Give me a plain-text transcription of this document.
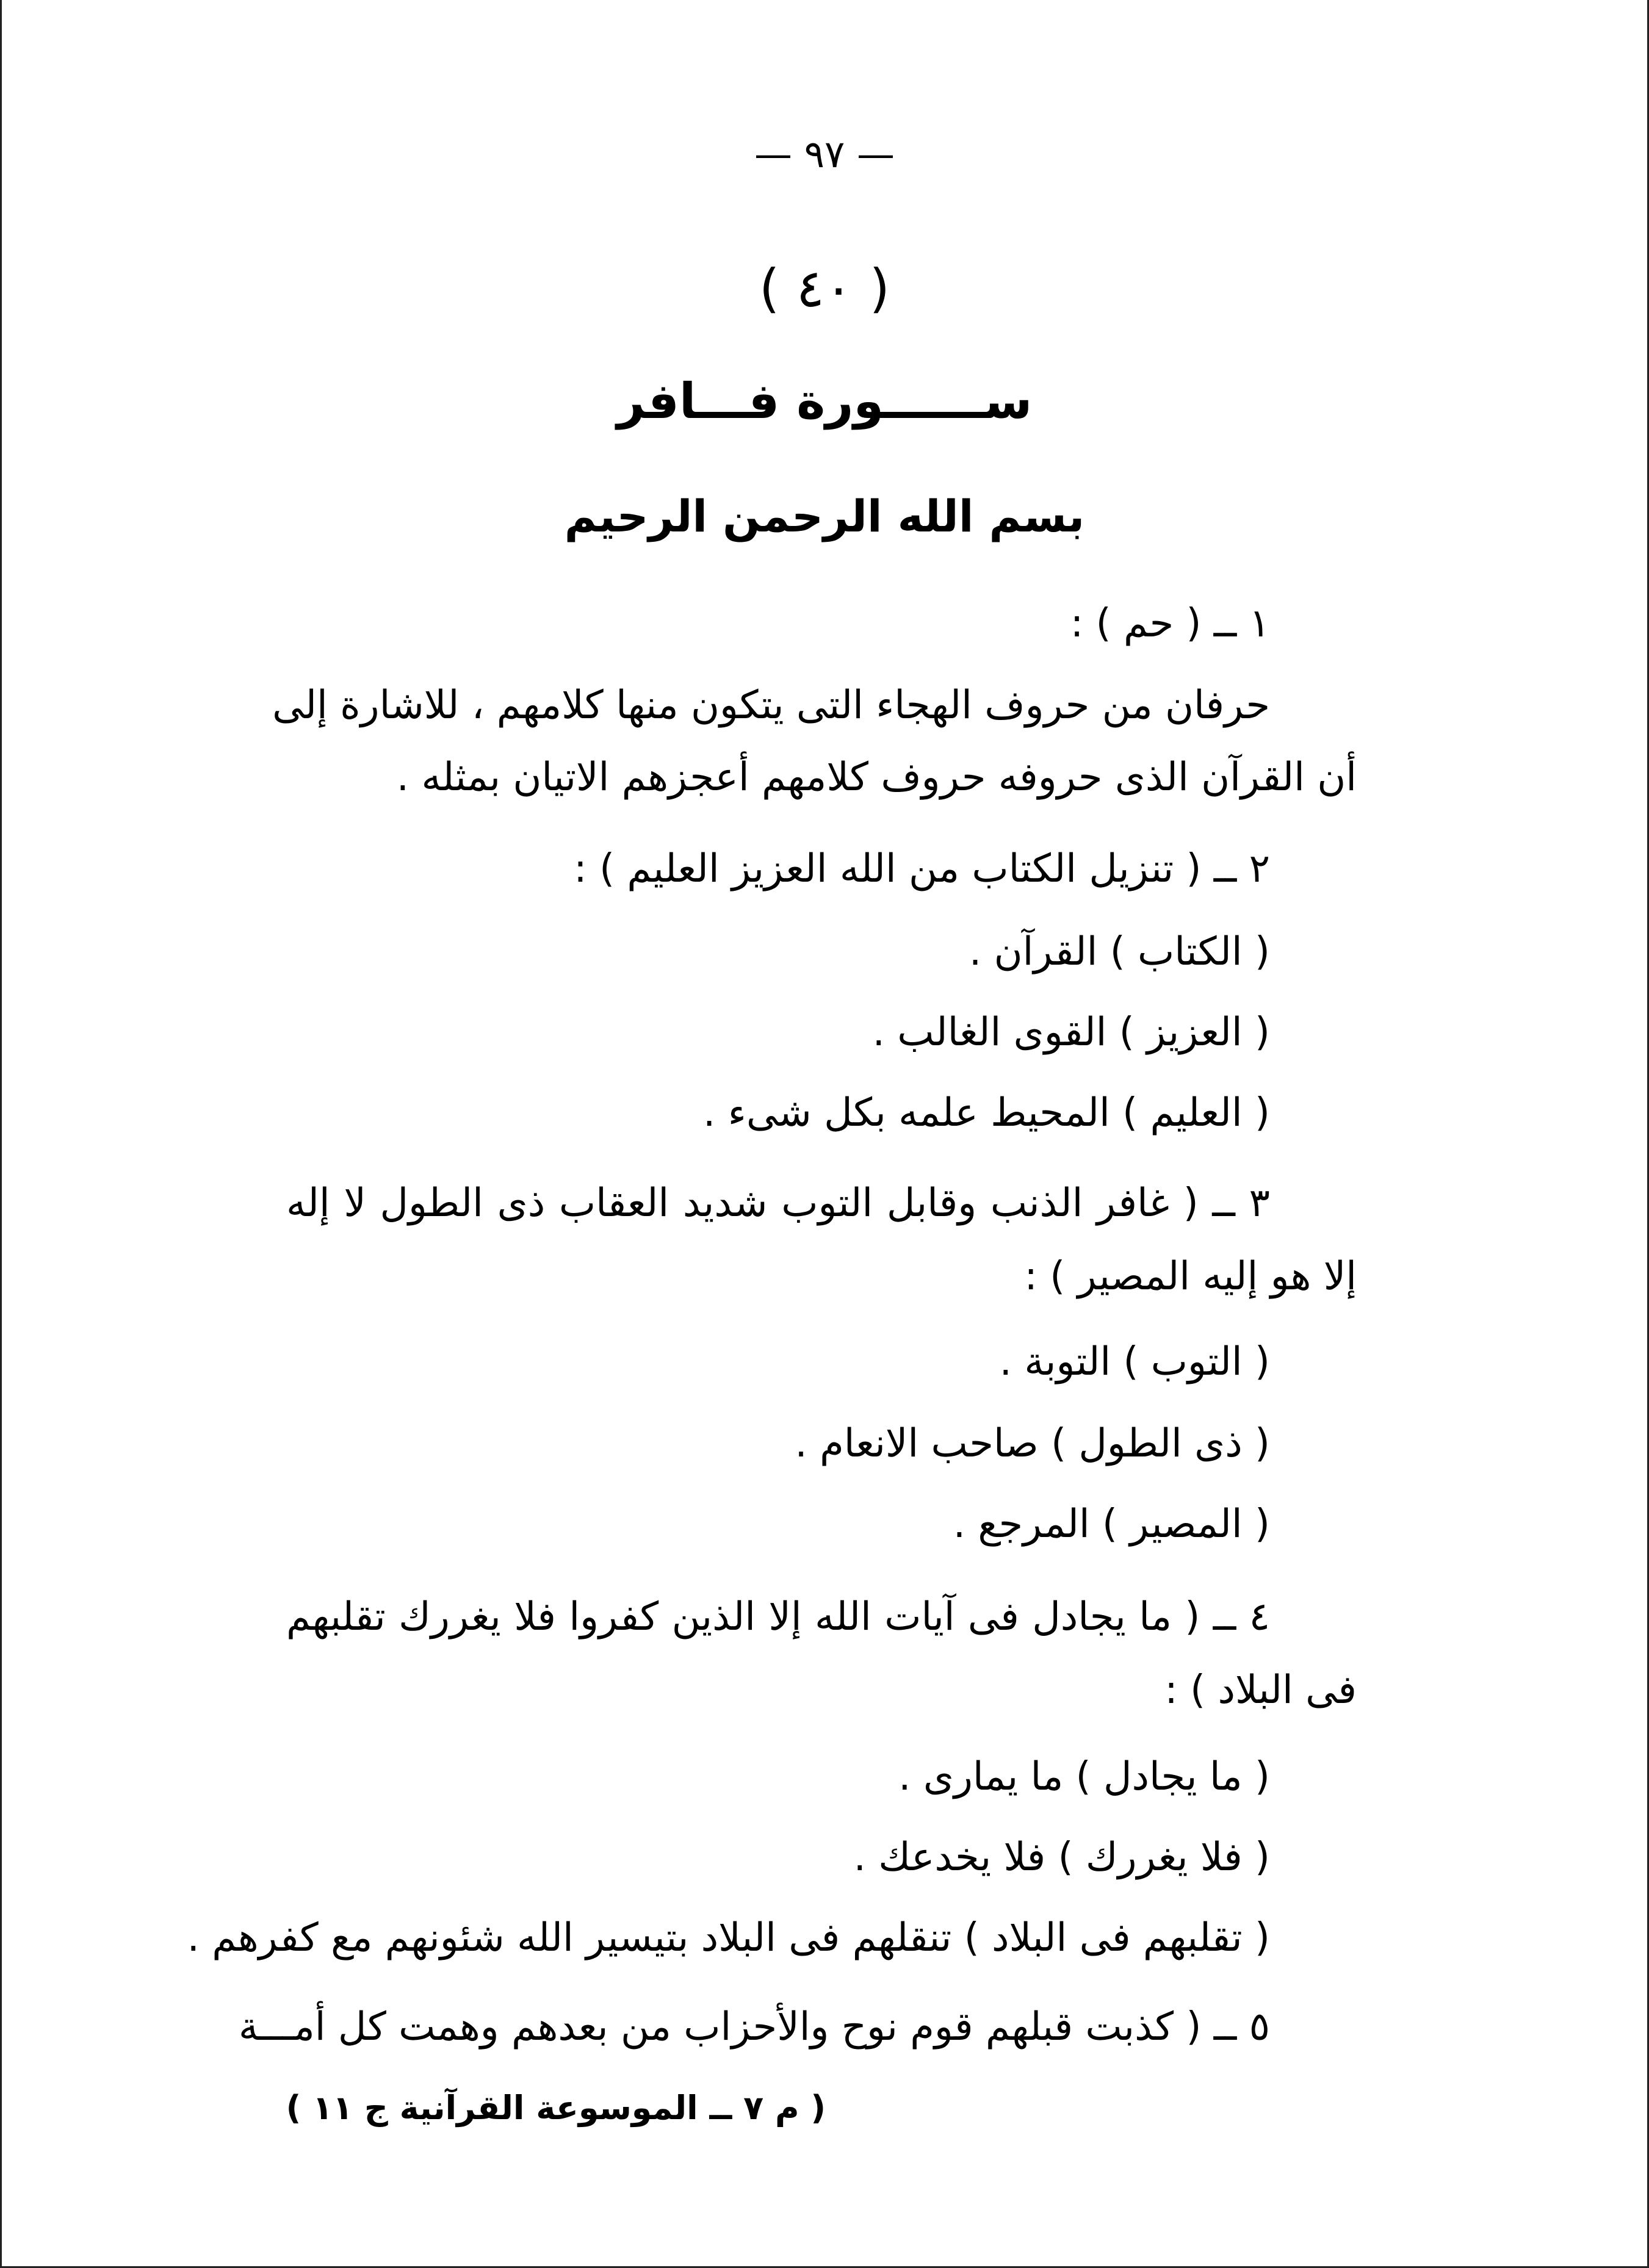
— ٩٧ —

( ٤٠ )

ســــــورة فـــافر

بسم الله الرحمن الرحيم

١ ــ ( حم ) :

حرفان من حروف الهجاء التى يتكون منها كلامهم ، للاشارة إلى

أن القرآن الذى حروفه حروف كلامهم أعجزهم الاتيان بمثله .

٢ ــ ( تنزيل الكتاب من الله العزيز العليم ) :

( الكتاب ) القرآن .

( العزيز ) القوى الغالب .

( العليم ) المحيط علمه بكل شىء .

٣ ــ ( غافر الذنب وقابل التوب شديد العقاب ذى الطول لا إله

إلا هو إليه المصير ) :

( التوب ) التوبة .

( ذى الطول ) صاحب الانعام .

( المصير ) المرجع .

٤ ــ ( ما يجادل فى آيات الله إلا الذين كفروا فلا يغررك تقلبهم

فى البلاد ) :

( ما يجادل ) ما يمارى .

( فلا يغررك ) فلا يخدعك .

( تقلبهم فى البلاد ) تنقلهم فى البلاد بتيسير الله شئونهم مع كفرهم .

٥ ــ ( كذبت قبلهم قوم نوح والأحزاب من بعدهم وهمت كل أمـــة

( م ٧ ــ الموسوعة القرآنية ج ١١ )
